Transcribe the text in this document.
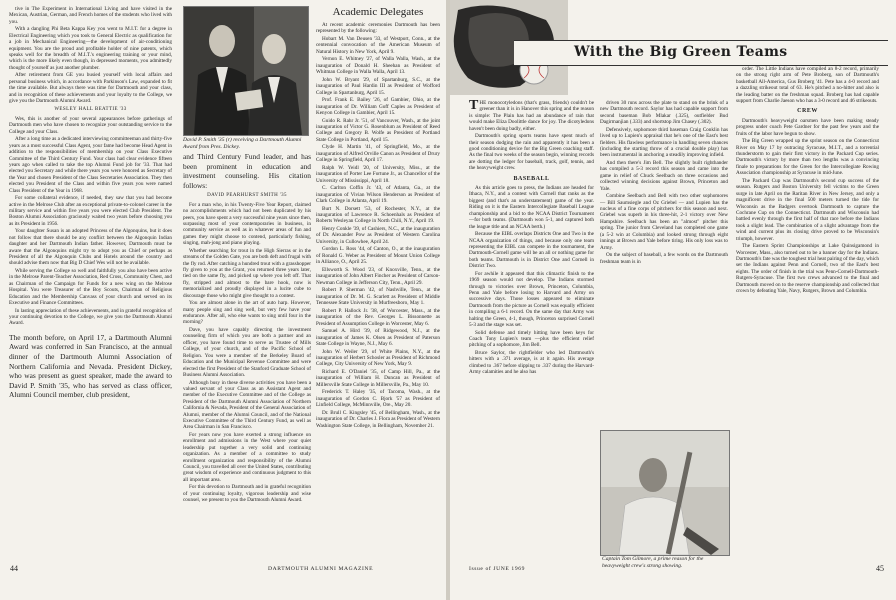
tive in The Experiment in International Living and have visited in the Mexican, Austrian, German, and French homes of the students who lived with you.

With a dangling Phi Beta Kappa Key you went to M.I.T. for a degree in Electrical Engineering which you took to General Electric as qualification for a job in Mechanical Engineering—the development of air-conditioning equipment. You are the proud and profitable holder of nine patents, which speaks well for the breadth of M.I.T.'s engineering training or your mind, which is the more likely even though, in depressed moments, you admittedly thought of yourself as just another plumber.

After retirement from GE you busied yourself with local affairs and personal business which, in accordance with Parkinson's Law, expanded to fit the time available. But always there was time for Dartmouth and your class, and in recognition of these achievements and your loyalty to the College, we give you the Dartmouth Alumni Award.

WESLEY HALL BEATTIE '33

Wes, this is another of your several appearances before gatherings of Dartmouth men who have chosen to recognize your outstanding service to the College and your Class.

After a long time as a dedicated interviewing committeeman and thirty-five years as a most successful Class Agent, your fame had become Head Agent in addition to the responsibilities of membership on your Class Executive Committee of the Third Century Fund. Your class had clear evidence fifteen years ago when called to take the top Alumni Fund job for '33. That had elected you Secretary and while there years you were honored as Secretary of the Year and chosen President of the Class Secretaries Association. They then elected you President of the Class and within five years you were named Class President of the Year in 1968.

For some collateral evidence, if needed, they saw that you had become active in the Melrose Club after an exceptional private-to-colonel career in the military service and within five years you were elected Club President. The Boston Alumni Association graciously waited two years before choosing you as its President in 1956.

Your daughter Susan is an adopted Princess of the Algonquins, but it does not follow that there should be any conflict between the Algonquin Indian daughter and her Dartmouth Indian father. However, Dartmouth must be aware that the Algonquins might try to adopt you as Chief or perhaps as President of all the Algonquin Clubs and Hotels around the country and should advise them now that Big D Chief Wes will not be available.

While serving the College so well and faithfully you also have been active in the Melrose Parent-Teacher Association, Red Cross, Community Chest, and as Chairman of the Campaign for Funds for a new wing on the Melrose Hospital. You were Treasurer of the Boy Scouts, Chairman of Religious Education and the Membership Canvass of your church and served on its Executive and Finance Committees.

In lasting appreciation of these achievements, and in grateful recognition of your continuing devotion to the College, we give you the Dartmouth Alumni Award.

The month before, on April 17, a Dartmouth Alumni Award was conferred in San Francisco, at the annual dinner of the Dartmouth Alumni Association of Northern California and Nevada. President Dickey, who was present as guest speaker, made the award to David P. Smith '35, who has served as class officer, Alumni Council member, club president,

David P. Smith '35 (r) receiving a Dartmouth Alumni Award from Pres. Dickey.

and Third Century Fund leader, and has been prominent in education and investment counseling. His citation follows:

DAVID PEARHURST SMITH '35

For a man who, in his Twenty-Five Year Report, claimed no accomplishments which had not been duplicated by his peers, you have spent a very successful nine years since then, surpassing most of your contemporaries in business, in community service as well as in whatever areas of fun and games they might choose to contend, particularly fishing, singing, mah-jong and piano playing.

Whether searching for trout in the High Sierras or in the streams of the Golden Gate, you are both deft and frugal with the fly rod. After catching a hundred trout with a grasshopper fly given to you at the Grant, you returned three years later, tied on the same fly, and picked up where you left off. That fly, stripped and almost to the bare hook, now is memorialized and proudly displayed in a lucite cube to discourage those who might give thought to a contest.

You are almost alone in the art of auto harp. However, many people sing and sing well, but very few have your endurance. After all, who else wants to sing until four in the morning?

Dave, you have capably directing the investment counseling firm of which you are both a partner and an officer, you have found time to serve as Trustee of Mills College, of your church, and of the Pacific School of Religion. You were a member of the Berkeley Board of Education and the Municipal Revenue Committee and were elected the first President of the Stanford Graduate School of Business Alumni Association.

Although busy in these diverse activities you have been a valued servant of your Class as an Assistant Agent and member of the Executive Committee and of the College as President of the Dartmouth Alumni Association of Northern California & Nevada, President of the General Association of Alumni, member of the Alumni Council, and of the National Executive Committee of the Third Century Fund, as well as Area Chairman in San Francisco.

For years now you have exerted a strong influence on enrollment and admissions in the West where your quiet leadership put together a very solid and continuing organization. As a member of a committee to study enrollment organization and responsibility of the Alumni Council, you travelled all over the United States, contributing great wisdom of experience and continuous judgment to this all important area.

For this devotion to Dartmouth and in grateful recognition of your continuing loyalty, vigorous leadership and wise counsel, we present to you the Dartmouth Alumni Award.

Academic Delegates

At recent academic ceremonies Dartmouth has been represented by the following:

Hobart M. Van Deusen '33, of Westport, Conn., at the centennial convocation of the American Museum of Natural History in New York, April 9.

Vernon E. Whitney '27, of Walla Walla, Wash., at the inauguration of Donald H. Sheehan as President of Whitman College in Walla Walla, April 13.

John W. Bryant '29, of Spartanburg, S.C., at the inauguration of Paul Hardin III as President of Wofford College in Spartanburg, April 15.

Prof. Frank E. Bailey '26, of Gambier, Ohio, at the inauguration of Dr. William Goff Caples as President of Kenyon College in Gambier, April 15.

Guido R. Rahr Jr. '51, of Vancouver, Wash., at the joint inauguration of Victor G. Rosenblum as President of Reed College and Gregory B. Wolfe as President of Portland State College in Portland, April 15.

Clyde H. Martin '41, of Springfield, Mo., at the inauguration of Alfred Orville Canon as President of Drury College in Springfield, April 17.

Ralph W. Yeidl '20, of University, Miss., at the inauguration of Porter Lee Fortune Jr., as Chancellor of the University of Mississippi, April 18.

C. Carlton Coffin Jr. '43, of Atlanta, Ga., at the inauguration of Vivian Wilson Henderson as President of Clark College in Atlanta, April 19.

Burt N. Dorsett '53, of Rochester, N.Y., at the inauguration of Lawrence R. Schoenhals as President of Roberts Wesleyan College in North Chili, N.Y., April 19.

Henry Conkle '39, of Cashiers, N.C., at the inauguration of Dr. Alexander Pow as President of Western Carolina University, in Cullowhee, April 24.

Gordon L. Ross '44, of Canton, O., at the inauguration of Ronald G. Weber as President of Mount Union College in Alliance, O., April 25.

Ellsworth S. Wood '23, of Knoxville, Tenn., at the inauguration of John Albert Fincher as President of Carson-Newman College in Jefferson City, Tenn., April 29.

Robert P. Sherman '42, of Nashville, Tenn., at the inauguration of Dr. M. G. Scarlett as President of Middle Tennessee State University in Murfreesboro, May 1.

Robert P. Hallock Jr. '38, of Worcester, Mass., at the inauguration of the Rev. Georges L. Bissonnette as President of Assumption College in Worcester, May 6.

Samuel A. Hird '39, of Ridgewood, N.J., at the inauguration of James K. Olsen as President of Paterson State College in Wayne, N.J., May 6.

John W. Weiler '29, of White Plains, N.Y., at the inauguration of Herbert Schosler as President of Richmond College, City University of New York, May 9.

Richard E. O'Daniel '35, of Camp Hill, Pa., at the inauguration of William H. Duncan as President of Millersville State College in Millersville, Pa., May 10.

Frederick T. Haley '35, of Tacoma, Wash., at the inauguration of Gordon C. Bjork '57 as President of Linfield College, McMinnville, Ore., May 20.

Dr. Brull C. Kingsley '45, of Bellingham, Wash., at the inauguration of Dr. Charles J. Flora as President of Western Washington State College, in Bellingham, November 21.

44	DARTMOUTH ALUMNI MAGAZINE
With the Big Green Teams

THE monocotyledons (that's grass, friends) couldn't be greener than it is in Hanover this spring and the reason is simple: The Plain has had an abundance of rain that would make Eliza Doolittle dance for joy. The dicotyledons haven't been doing badly, either.

Dartmouth's spring sports teams have spent much of their season dodging the rain and apparently it has been a good conditioning device for the Big Green coaching staff. As the final two weeks of the season begin, winning records are dotting the ledger for baseball, track, golf, tennis, and the heavyweight crew.

BASEBALL

As this article goes to press, the Indians are headed for Ithaca, N.Y., and a contest with Cornell that ranks as the biggest (and that's an understatement) game of the year. Riding on it is the Eastern Intercollegiate Baseball League championship and a bid to the NCAA District Tournament—for both teams. (Dartmouth won 5-1, and captured both the league title and an NCAA berth.)

Because the EIBL overlaps Districts One and Two in the NCAA organization of things, and because only one team representing the EIBL can compete in the tournament, the Dartmouth-Cornell game will be an all or nothing game for both teams. Dartmouth is in District One and Cornell in District Two.

For awhile it appeared that this climactic finish to the 1969 season would not develop. The Indians stormed through to victories over Brown, Princeton, Columbia, Penn and Yale before losing to Harvard and Army on successive days. Those losses appeared to eliminate Dartmouth from the picture as Cornell was equally efficient in compiling a 6-1 record. On the same day that Army was halting the Green, 4-1, though, Princeton surprised Cornell 5-3 and the stage was set.

Solid defense and timely hitting have been keys for Coach Tony Lupien's team —plus the efficient relief pitching of a sophomore, Jim Bell.

Bruce Saylor, the rightfielder who led Dartmouth's hitters with a .371 average, is at it again. His average climbed to .367 before slipping to .337 during the Harvard-Army calamities and he also has

driven 30 runs across the plate to stand on the brink of a new Dartmouth record. Saylor has had capable support from second baseman Bob Mlakar (.325), outfielder Bud Dagirmanjian (.333) and shortstop Jim Chasey (.302).

Defensively, sophomore third baseman Craig Conklin has lived up to Lupien's appraisal that he's one of the East's best fielders. His flawless performance in handling seven chances (including the starting throw of a crucial double play) has been instrumental in anchoring a steadily improving infield.

And then there's Jim Bell. The slightly built righthander has compiled a 5-3 record this season and came into the game in relief of Chuck Seelbach on three occasions and collected winning decisions against Brown, Princeton and Yale.

Combine Seelbach and Bell with two other sophomores — Bill Saumsiegle and Oz Griebel — and Lupien has the nucleus of a fine corps of pitchers for this season and next. Griebel was superb in his three-hit, 2-1 victory over New Hampshire. Seelbach has been an "almost" pitcher this spring. The junior from Cleveland has completed one game (a 5-2 win at Columbia) and looked strong through eight innings at Brown and Yale before tiring. His only loss was to Army.

On the subject of baseball, a few words on the Dartmouth freshman team is in

Captain Tom Gilmore, a prime reason for the heavyweight crew's strong showing.

order. The Little Indians have compiled an 8-2 record, primarily on the strong right arm of Pete Broberg, son of Dartmouth's basketball All-America, Gus Broberg '41. Pete has a 4-0 record and a dazzling strikeout total of 63. He's pitched a no-hitter and also is the leading batter on the freshman squad. Broberg has had capable support from Charlie Jaeson who has a 3-0 record and 46 strikeouts.

CREW

Dartmouth's heavyweight oarsmen have been making steady progress under coach Pete Gardner for the past few years and the fruits of the labor have begun to show.

The Big Green wrapped up the sprint season on the Connecticut River on May 17 by outracing Syracuse, M.I.T., and a torrential thunderstorm to gain their first victory in the Packard Cup series. Dartmouth's victory by more than two lengths was a convincing finale to preparations for the Green for the Intercollegiate Rowing Association championship at Syracuse in mid-June.

The Packard Cup was Dartmouth's second cup success of the season. Rutgers and Boston University fell victims to the Green surge in late April on the Raritan River in New Jersey, and only a magnificent drive in the final 500 meters turned the tide for Wisconsin as the Badgers overtook Dartmouth to capture the Cochrane Cup on the Connecticut. Dartmouth and Wisconsin had battled evenly through the first half of that race before the Indians took a slight lead. The combination of a slight advantage from the wind and current plus its closing drive proved to be Wisconsin's triumph, however.

The Eastern Sprint Championships at Lake Quinsigamond in Worcester, Mass., also turned out to be a banner day for the Indians. Dartmouth's fate was the toughest trial heat pairing of the day, which set the Indians against Penn and Cornell, two of the East's best eights. The order of finish in the trial was Penn-Cornell-Dartmouth-Rutgers-Syracuse. The first two crews advanced to the final and Dartmouth moved on to the reserve championship and collected that crown by defeating Yale, Navy, Rutgers, Brown and Columbia.

Issue of JUNE 1969	45
